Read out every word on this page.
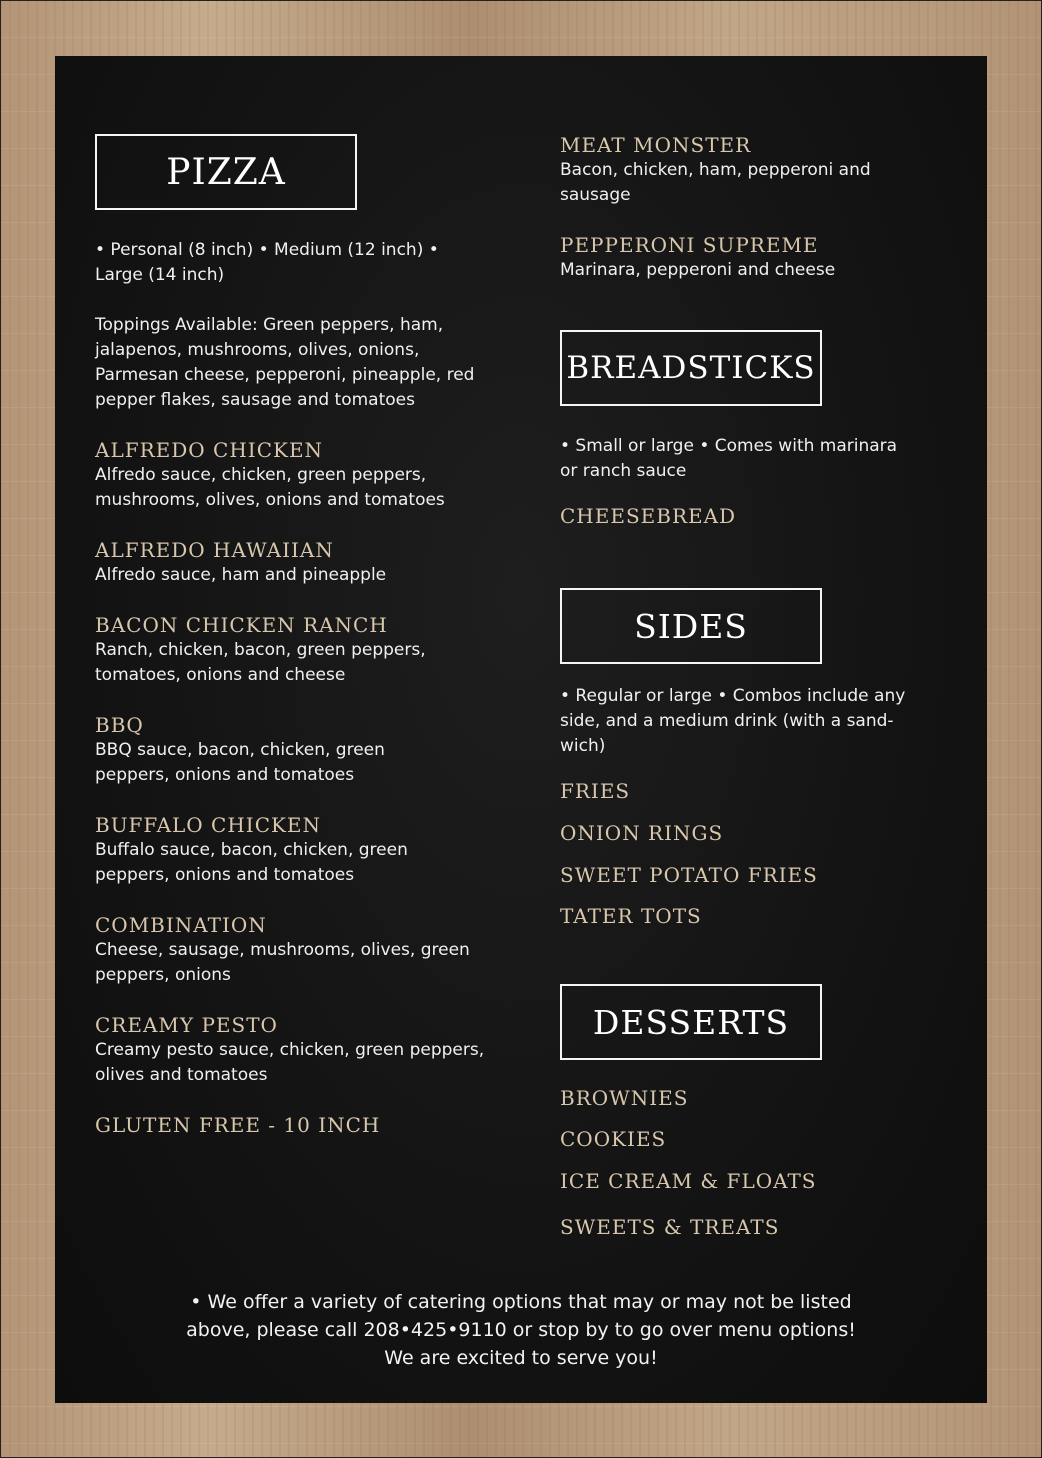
PIZZA
• Personal (8 inch) • Medium (12 inch) • Large (14 inch)
Toppings Available: Green peppers, ham, jalapenos, mushrooms, olives, onions, Parmesan cheese, pepperoni, pineapple, red pepper flakes, sausage and tomatoes
ALFREDO CHICKEN
Alfredo sauce, chicken, green peppers, mushrooms, olives, onions and tomatoes
ALFREDO HAWAIIAN
Alfredo sauce, ham and pineapple
BACON CHICKEN RANCH
Ranch, chicken, bacon, green peppers, tomatoes, onions and cheese
BBQ
BBQ sauce, bacon, chicken, green peppers, onions and tomatoes
BUFFALO CHICKEN
Buffalo sauce, bacon, chicken, green peppers, onions and tomatoes
COMBINATION
Cheese, sausage, mushrooms, olives, green peppers, onions
CREAMY PESTO
Creamy pesto sauce, chicken, green peppers, olives and tomatoes
GLUTEN FREE - 10 INCH
MEAT MONSTER
Bacon, chicken, ham, pepperoni and sausage
PEPPERONI SUPREME
Marinara, pepperoni and cheese
BREADSTICKS
• Small or large • Comes with marinara or ranch sauce
CHEESEBREAD
SIDES
• Regular or large • Combos include any side, and a medium drink (with a sand-wich)
FRIES
ONION RINGS
SWEET POTATO FRIES
TATER TOTS
DESSERTS
BROWNIES
COOKIES
ICE CREAM & FLOATS
SWEETS & TREATS
• We offer a variety of catering options that may or may not be listed
above, please call 208•425•9110 or stop by to go over menu options!
We are excited to serve you!
